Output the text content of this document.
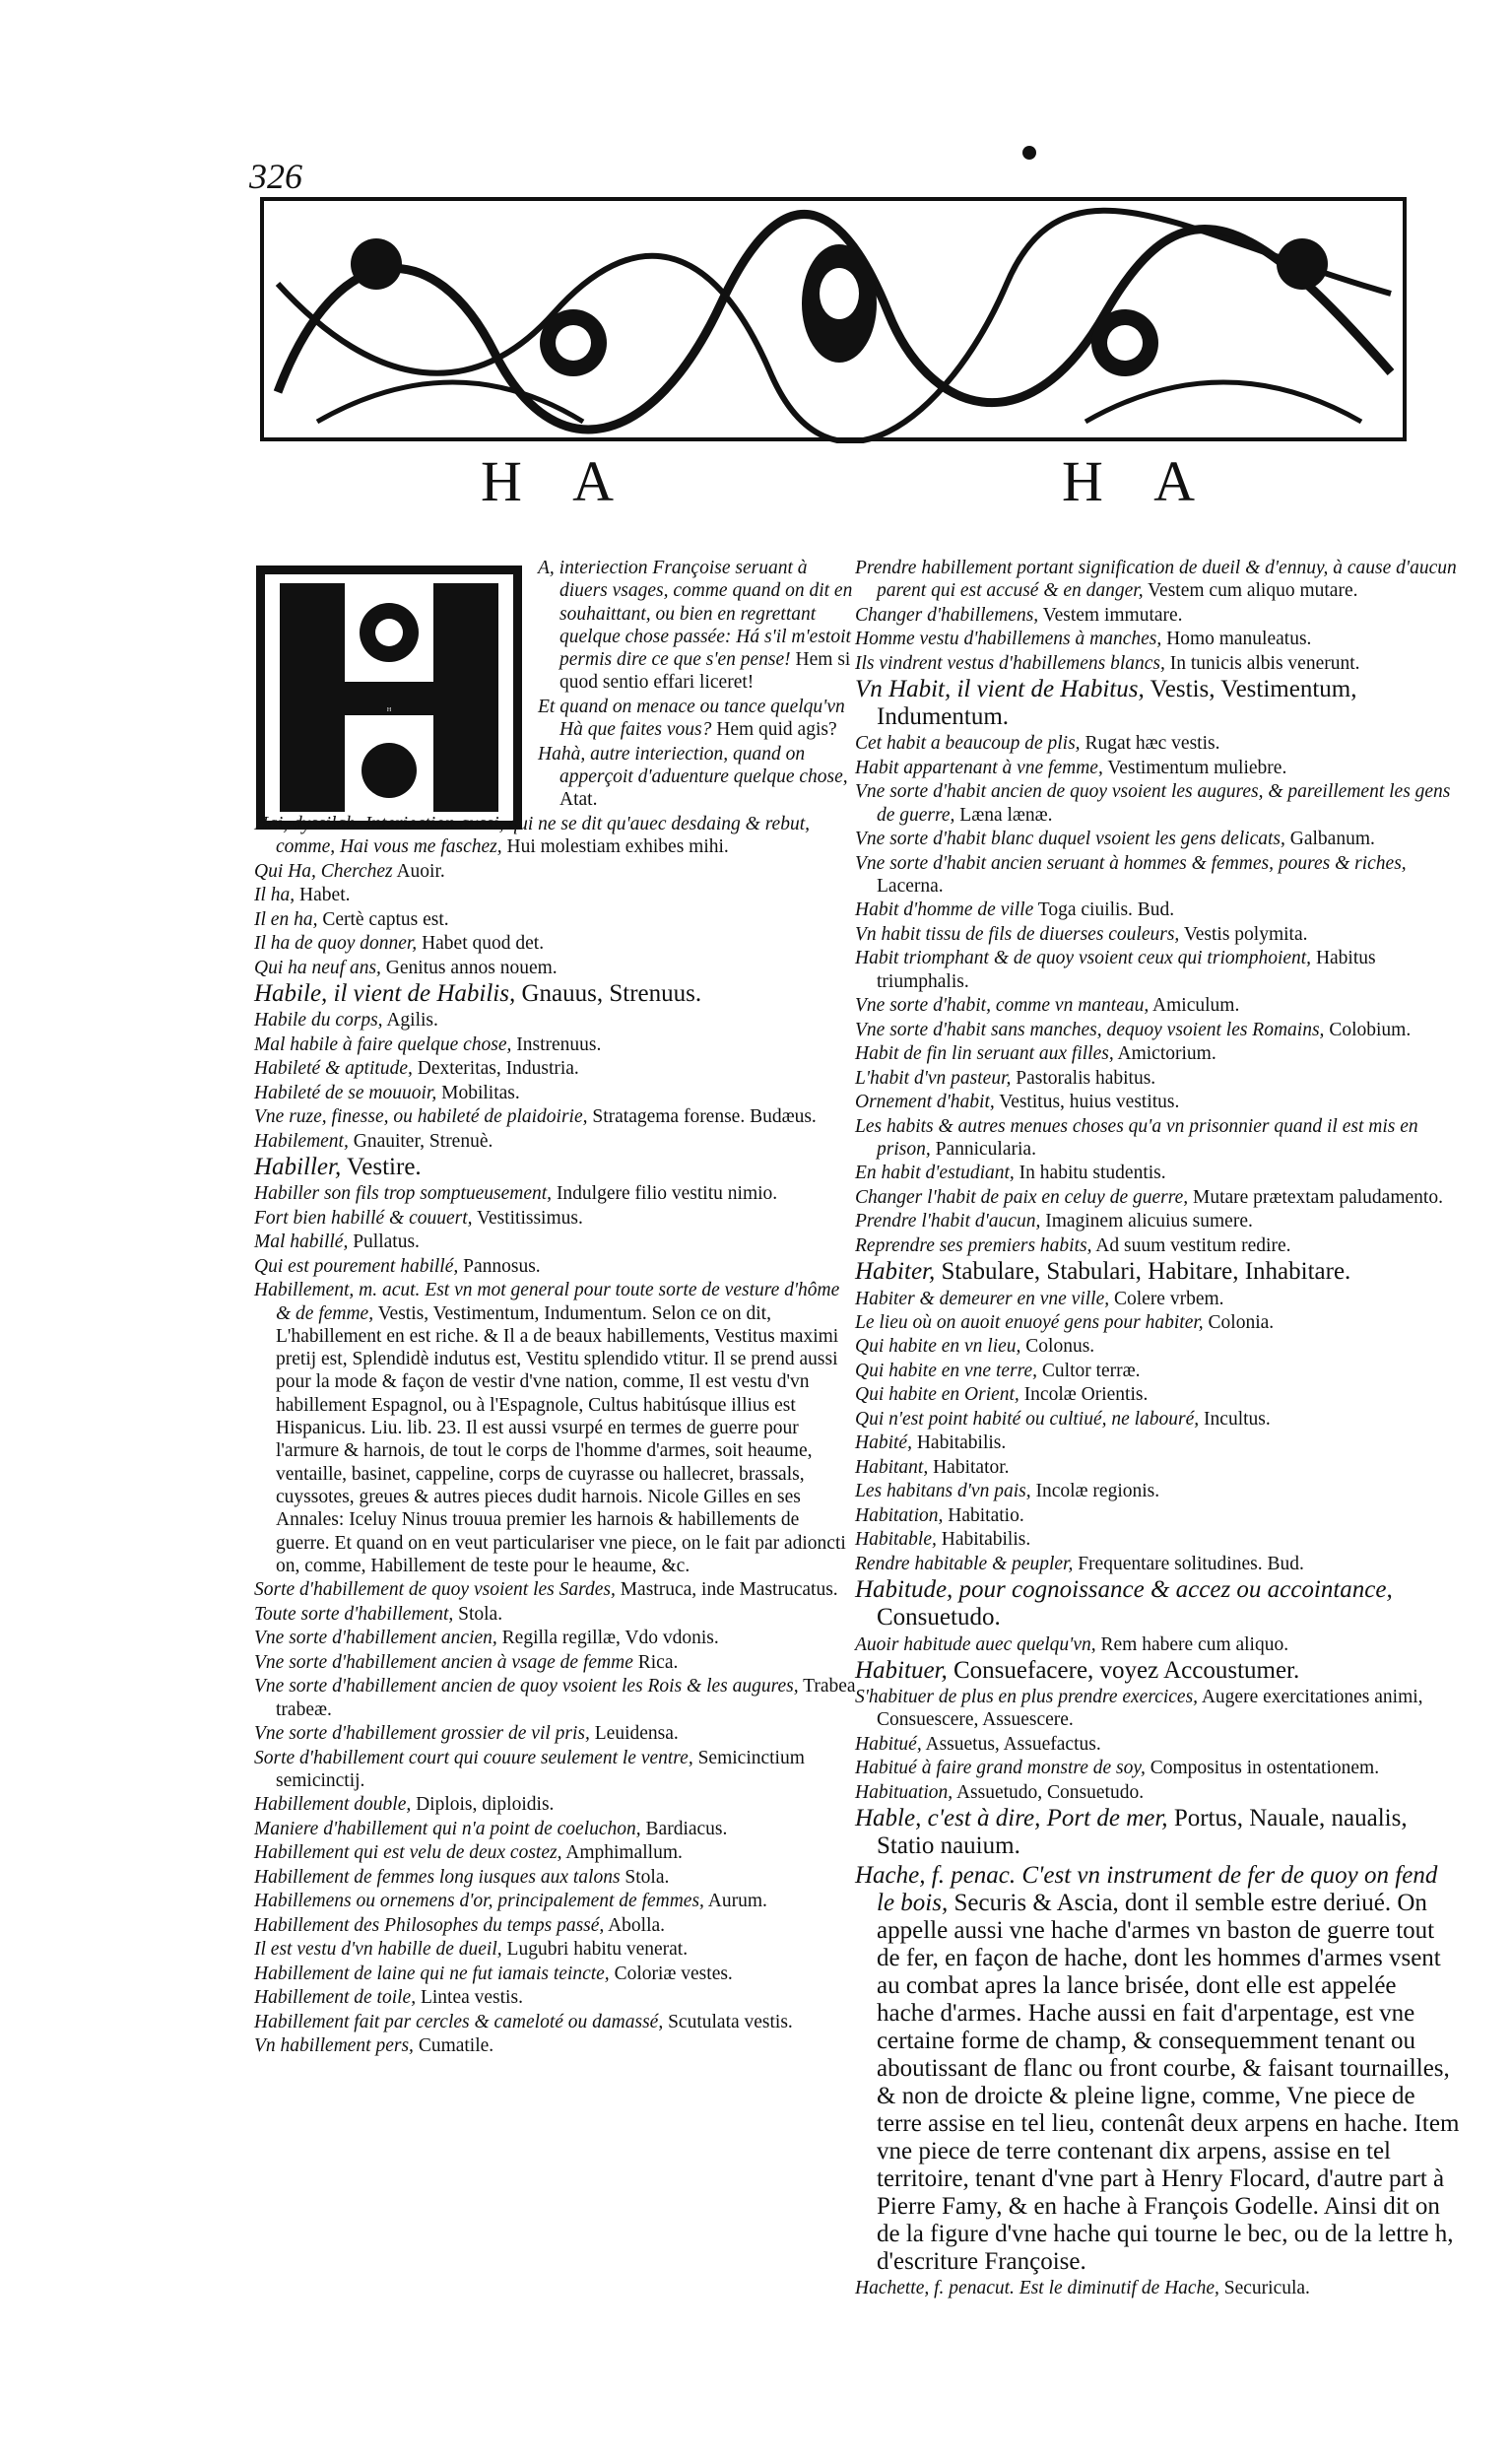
326
H A	H A
H

A, interiection Françoise seruant à diuers vsages, comme quand on dit en souhaittant, ou bien en regrettant quelque chose passée: Há s'il m'estoit permis dire ce que s'en pense! Hem si quod sentio effari liceret!

Et quand on menace ou tance quelqu'vn Hà que faites vous? Hem quid agis?

Hahà, autre interiection, quand on apperçoit d'aduenture quelque chose, Atat.

Hai, dyssilab. Interiection aussi, qui ne se dit qu'auec desdaing & rebut, comme, Hai vous me faschez, Hui molestiam exhibes mihi.

Qui Ha, Cherchez Auoir.

Il ha, Habet.

Il en ha, Certè captus est.

Il ha de quoy donner, Habet quod det.

Qui ha neuf ans, Genitus annos nouem.

Habile, il vient de Habilis, Gnauus, Strenuus.

Habile du corps, Agilis.

Mal habile à faire quelque chose, Instrenuus.

Habileté & aptitude, Dexteritas, Industria.

Habileté de se mouuoir, Mobilitas.

Vne ruze, finesse, ou habileté de plaidoirie, Stratagema forense. Budæus.

Habilement, Gnauiter, Strenuè.

Habiller, Vestire.

Habiller son fils trop somptueusement, Indulgere filio vestitu nimio.

Fort bien habillé & couuert, Vestitissimus.

Mal habillé, Pullatus.

Qui est pourement habillé, Pannosus.

Habillement, m. acut. Est vn mot general pour toute sorte de vesture d'hôme & de femme, Vestis, Vestimentum, Indumentum. Selon ce on dit, L'habillement en est riche. & Il a de beaux habillements, Vestitus maximi pretij est, Splendidè indutus est, Vestitu splendido vtitur. Il se prend aussi pour la mode & façon de vestir d'vne nation, comme, Il est vestu d'vn habillement Espagnol, ou à l'Espagnole, Cultus habitúsque illius est Hispanicus. Liu. lib. 23. Il est aussi vsurpé en termes de guerre pour l'armure & harnois, de tout le corps de l'homme d'armes, soit heaume, ventaille, basinet, cappeline, corps de cuyrasse ou hallecret, brassals, cuyssotes, greues & autres pieces dudit harnois. Nicole Gilles en ses Annales: Iceluy Ninus trouua premier les harnois & habillements de guerre. Et quand on en veut particulariser vne piece, on le fait par adioncti on, comme, Habillement de teste pour le heaume, &c.

Sorte d'habillement de quoy vsoient les Sardes, Mastruca, inde Mastrucatus.

Toute sorte d'habillement, Stola.

Vne sorte d'habillement ancien, Regilla regillæ, Vdo vdonis.

Vne sorte d'habillement ancien à vsage de femme Rica.

Vne sorte d'habillement ancien de quoy vsoient les Rois & les augures, Trabea trabeæ.

Vne sorte d'habillement grossier de vil pris, Leuidensa.

Sorte d'habillement court qui couure seulement le ventre, Semicinctium semicinctij.

Habillement double, Diplois, diploidis.

Maniere d'habillement qui n'a point de coeluchon, Bardiacus.

Habillement qui est velu de deux costez, Amphimallum.

Habillement de femmes long iusques aux talons Stola.

Habillemens ou ornemens d'or, principalement de femmes, Aurum.

Habillement des Philosophes du temps passé, Abolla.

Il est vestu d'vn habille de dueil, Lugubri habitu venerat.

Habillement de laine qui ne fut iamais teincte, Coloriæ vestes.

Habillement de toile, Lintea vestis.

Habillement fait par cercles & cameloté ou damassé, Scutulata vestis.

Vn habillement pers, Cumatile.

Prendre habillement portant signification de dueil & d'ennuy, à cause d'aucun parent qui est accusé & en danger, Vestem cum aliquo mutare.

Changer d'habillemens, Vestem immutare.

Homme vestu d'habillemens à manches, Homo manuleatus.

Ils vindrent vestus d'habillemens blancs, In tunicis albis venerunt.

Vn Habit, il vient de Habitus, Vestis, Vestimentum, Indumentum.

Cet habit a beaucoup de plis, Rugat hæc vestis.

Habit appartenant à vne femme, Vestimentum muliebre.

Vne sorte d'habit ancien de quoy vsoient les augures, & pareillement les gens de guerre, Læna lænæ.

Vne sorte d'habit blanc duquel vsoient les gens delicats, Galbanum.

Vne sorte d'habit ancien seruant à hommes & femmes, poures & riches, Lacerna.

Habit d'homme de ville Toga ciuilis. Bud.

Vn habit tissu de fils de diuerses couleurs, Vestis polymita.

Habit triomphant & de quoy vsoient ceux qui triomphoient, Habitus triumphalis.

Vne sorte d'habit, comme vn manteau, Amiculum.

Vne sorte d'habit sans manches, dequoy vsoient les Romains, Colobium.

Habit de fin lin seruant aux filles, Amictorium.

L'habit d'vn pasteur, Pastoralis habitus.

Ornement d'habit, Vestitus, huius vestitus.

Les habits & autres menues choses qu'a vn prisonnier quand il est mis en prison, Pannicularia.

En habit d'estudiant, In habitu studentis.

Changer l'habit de paix en celuy de guerre, Mutare prætextam paludamento.

Prendre l'habit d'aucun, Imaginem alicuius sumere.

Reprendre ses premiers habits, Ad suum vestitum redire.

Habiter, Stabulare, Stabulari, Habitare, Inhabitare.

Habiter & demeurer en vne ville, Colere vrbem.

Le lieu où on auoit enuoyé gens pour habiter, Colonia.

Qui habite en vn lieu, Colonus.

Qui habite en vne terre, Cultor terræ.

Qui habite en Orient, Incolæ Orientis.

Qui n'est point habité ou cultiué, ne labouré, Incultus.

Habité, Habitabilis.

Habitant, Habitator.

Les habitans d'vn pais, Incolæ regionis.

Habitation, Habitatio.

Habitable, Habitabilis.

Rendre habitable & peupler, Frequentare solitudines. Bud.

Habitude, pour cognoissance & accez ou accointance, Consuetudo.

Auoir habitude auec quelqu'vn, Rem habere cum aliquo.

Habituer, Consuefacere, voyez Accoustumer.

S'habituer de plus en plus prendre exercices, Augere exercitationes animi, Consuescere, Assuescere.

Habitué, Assuetus, Assuefactus.

Habitué à faire grand monstre de soy, Compositus in ostentationem.

Habituation, Assuetudo, Consuetudo.

Hable, c'est à dire, Port de mer, Portus, Nauale, naualis, Statio nauium.

Hache, f. penac. C'est vn instrument de fer de quoy on fend le bois, Securis & Ascia, dont il semble estre deriué. On appelle aussi vne hache d'armes vn baston de guerre tout de fer, en façon de hache, dont les hommes d'armes vsent au combat apres la lance brisée, dont elle est appelée hache d'armes. Hache aussi en fait d'arpentage, est vne certaine forme de champ, & consequemment tenant ou aboutissant de flanc ou front courbe, & faisant tournailles, & non de droicte & pleine ligne, comme, Vne piece de terre assise en tel lieu, contenât deux arpens en hache. Item vne piece de terre contenant dix arpens, assise en tel territoire, tenant d'vne part à Henry Flocard, d'autre part à Pierre Famy, & en hache à François Godelle. Ainsi dit on de la figure d'vne hache qui tourne le bec, ou de la lettre h, d'escriture Françoise.

Hachette, f. penacut. Est le diminutif de Hache, Securicula.
